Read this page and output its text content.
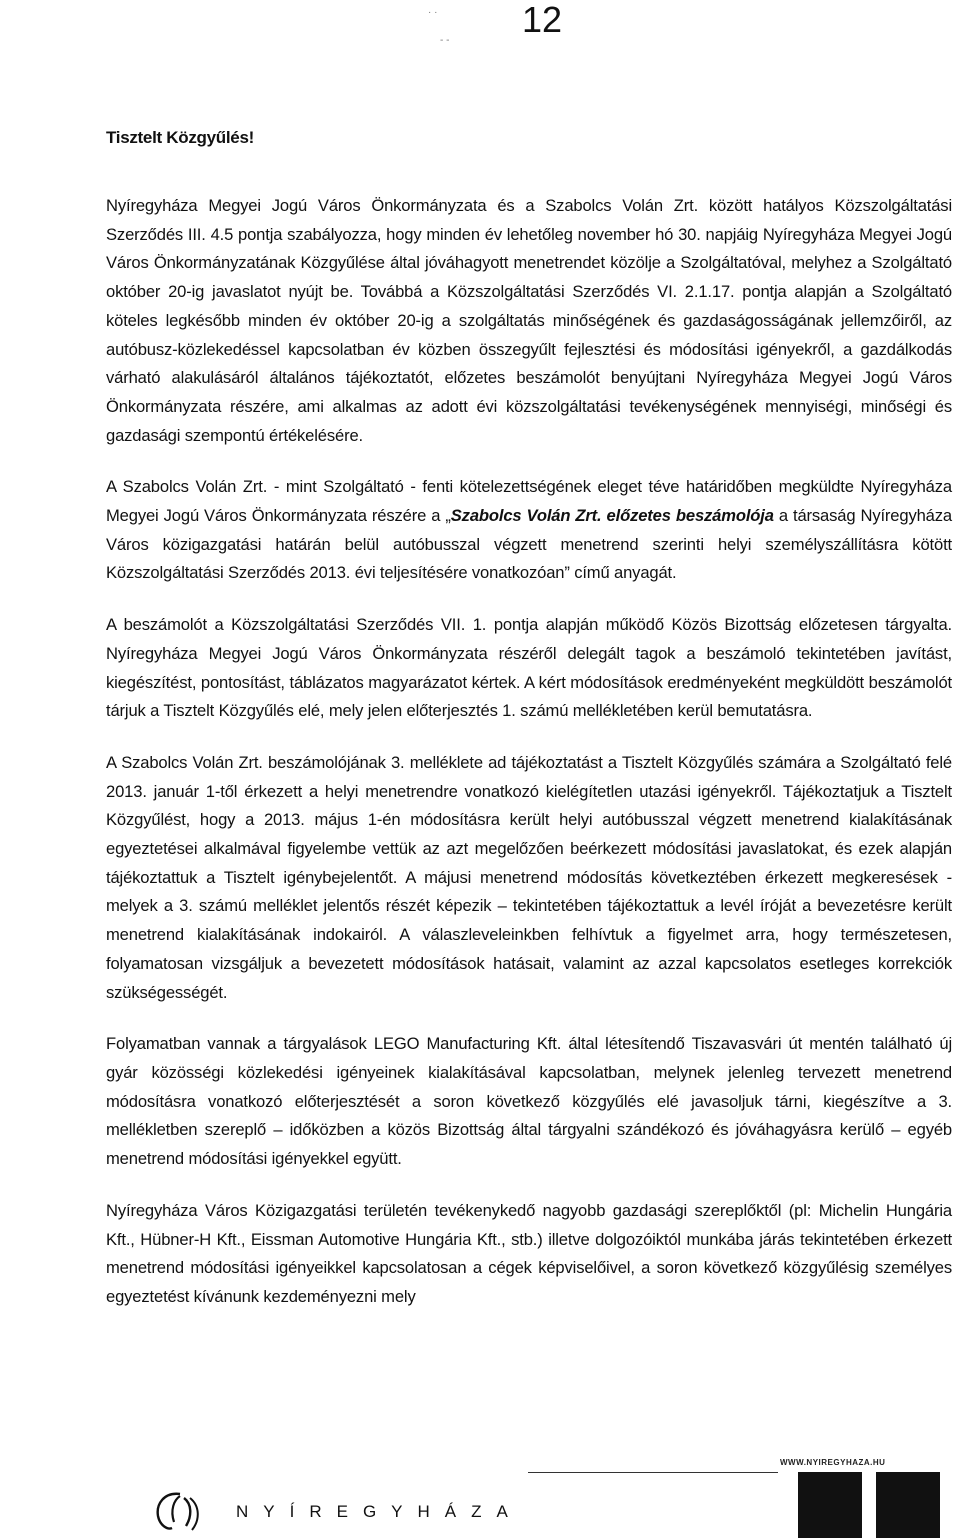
12
· ·
- -

Tisztelt Közgyűlés!

Nyíregyháza Megyei Jogú Város Önkormányzata és a Szabolcs Volán Zrt. között hatályos Közszolgáltatási Szerződés III. 4.5 pontja szabályozza, hogy minden év lehetőleg november hó 30. napjáig Nyíregyháza Megyei Jogú Város Önkormányzatának Közgyűlése által jóváhagyott menetrendet közölje a Szolgáltatóval, melyhez a Szolgáltató október 20-ig javaslatot nyújt be. Továbbá a Közszolgáltatási Szerződés VI. 2.1.17. pontja alapján a Szolgáltató köteles legkésőbb minden év október 20-ig a szolgáltatás minőségének és gazdaságosságának jellemzőiről, az autóbusz-közlekedéssel kapcsolatban év közben összegyűlt fejlesztési és módosítási igényekről, a gazdálkodás várható alakulásáról általános tájékoztatót, előzetes beszámolót benyújtani Nyíregyháza Megyei Jogú Város Önkormányzata részére, ami alkalmas az adott évi közszolgáltatási tevékenységének mennyiségi, minőségi és gazdasági szempontú értékelésére.

A Szabolcs Volán Zrt. - mint Szolgáltató - fenti kötelezettségének eleget téve határidőben megküldte Nyíregyháza Megyei Jogú Város Önkormányzata részére a „Szabolcs Volán Zrt. előzetes beszámolója a társaság Nyíregyháza Város közigazgatási határán belül autóbusszal végzett menetrend szerinti helyi személyszállításra kötött Közszolgáltatási Szerződés 2013. évi teljesítésére vonatkozóan” című anyagát.

A beszámolót a Közszolgáltatási Szerződés VII. 1. pontja alapján működő Közös Bizottság előzetesen tárgyalta. Nyíregyháza Megyei Jogú Város Önkormányzata részéről delegált tagok a beszámoló tekintetében javítást, kiegészítést, pontosítást, táblázatos magyarázatot kértek. A kért módosítások eredményeként megküldött beszámolót tárjuk a Tisztelt Közgyűlés elé, mely jelen előterjesztés 1. számú mellékletében kerül bemutatásra.

A Szabolcs Volán Zrt. beszámolójának 3. melléklete ad tájékoztatást a Tisztelt Közgyűlés számára a Szolgáltató felé 2013. január 1-től érkezett a helyi menetrendre vonatkozó kielégítetlen utazási igényekről. Tájékoztatjuk a Tisztelt Közgyűlést, hogy a 2013. május 1-én módosításra került helyi autóbusszal végzett menetrend kialakításának egyeztetései alkalmával figyelembe vettük az azt megelőzően beérkezett módosítási javaslatokat, és ezek alapján tájékoztattuk a Tisztelt igénybejelentőt. A májusi menetrend módosítás következtében érkezett megkeresések - melyek a 3. számú melléklet jelentős részét képezik – tekintetében tájékoztattuk a levél íróját a bevezetésre került menetrend kialakításának indokairól. A válaszleveleinkben felhívtuk a figyelmet arra, hogy természetesen, folyamatosan vizsgáljuk a bevezetett módosítások hatásait, valamint az azzal kapcsolatos esetleges korrekciók szükségességét.

Folyamatban vannak a tárgyalások LEGO Manufacturing Kft. által létesítendő Tiszavasvári út mentén található új gyár közösségi közlekedési igényeinek kialakításával kapcsolatban, melynek jelenleg tervezett menetrend módosításra vonatkozó előterjesztését a soron következő közgyűlés elé javasoljuk tárni, kiegészítve a 3. mellékletben szereplő – időközben a közös Bizottság által tárgyalni szándékozó és jóváhagyásra kerülő – egyéb menetrend módosítási igényekkel együtt.

Nyíregyháza Város Közigazgatási területén tevékenykedő nagyobb gazdasági szereplőktől (pl: Michelin Hungária Kft., Hübner-H Kft., Eissman Automotive Hungária Kft., stb.) illetve dolgozóiktól munkába járás tekintetében érkezett menetrend módosítási igényeikkel kapcsolatosan a cégek képviselőivel, a soron következő közgyűlésig személyes egyeztetést kívánunk kezdeményezni mely

WWW.NYIREGYHAZA.HU
NYÍREGYHÁZA
